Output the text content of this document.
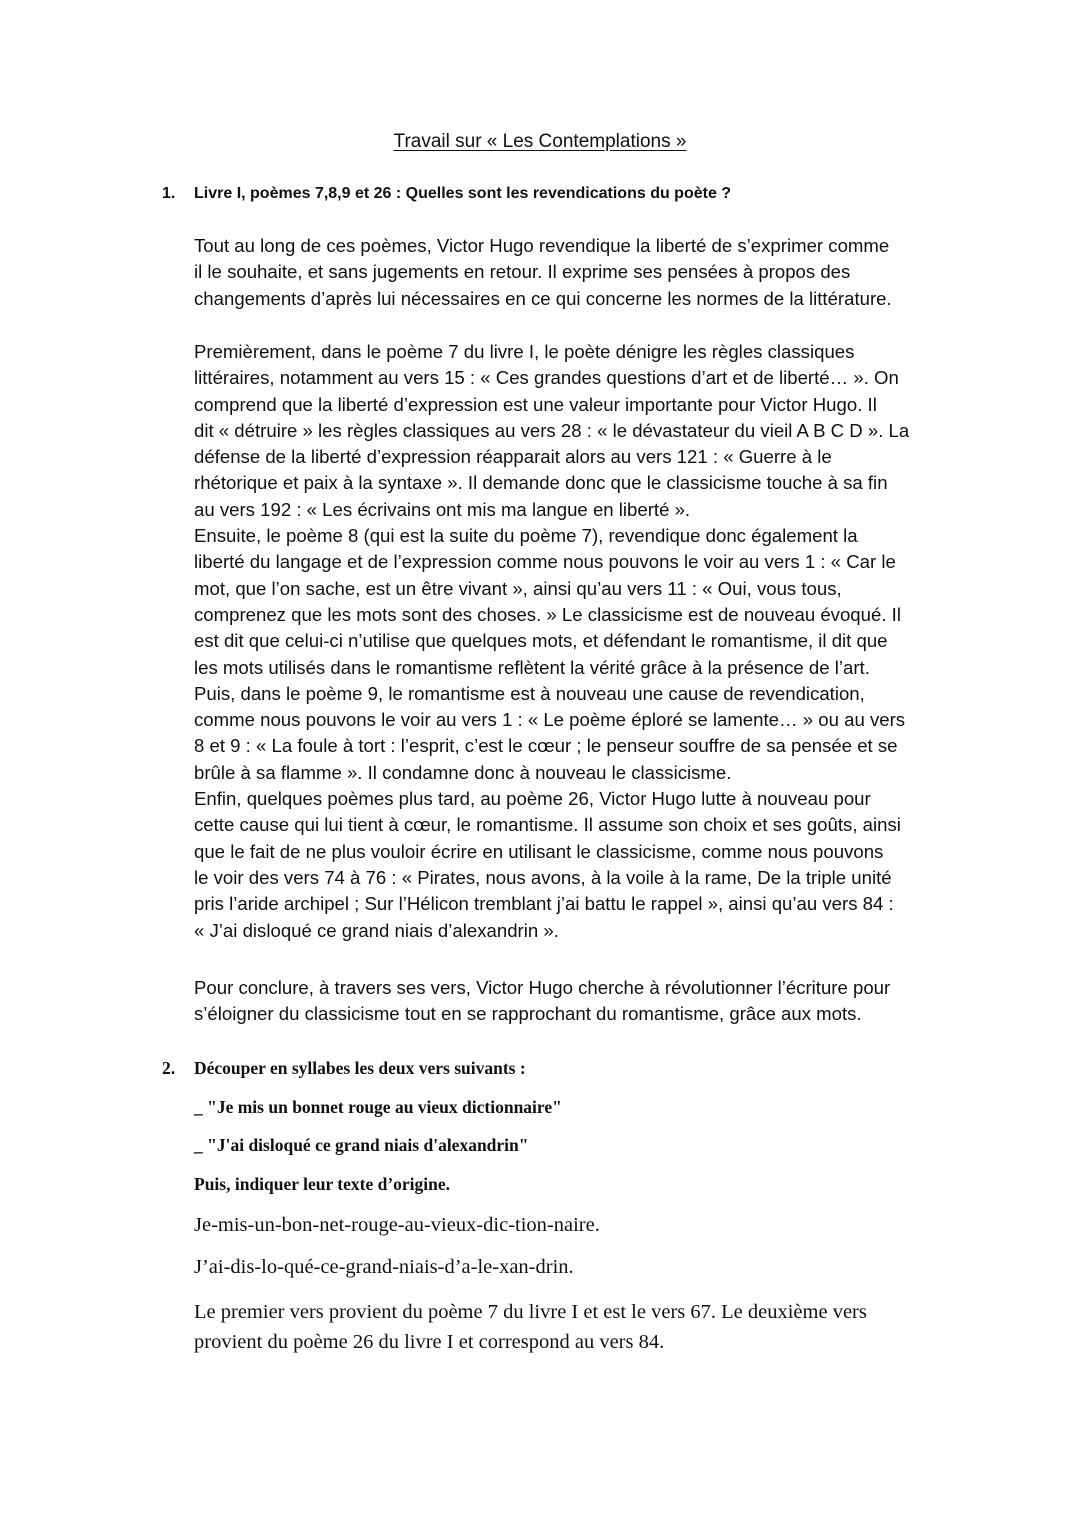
Travail sur « Les Contemplations »
1. Livre I, poèmes 7,8,9 et 26 : Quelles sont les revendications du poète ?

Tout au long de ces poèmes, Victor Hugo revendique la liberté de s’exprimer comme

il le souhaite, et sans jugements en retour. Il exprime ses pensées à propos des

changements d’après lui nécessaires en ce qui concerne les normes de la littérature.

Premièrement, dans le poème 7 du livre I, le poète dénigre les règles classiques

littéraires, notamment au vers 15 : « Ces grandes questions d’art et de liberté… ». On

comprend que la liberté d’expression est une valeur importante pour Victor Hugo. Il

dit « détruire » les règles classiques au vers 28 : « le dévastateur du vieil A B C D ». La

défense de la liberté d’expression réapparait alors au vers 121 : « Guerre à le

rhétorique et paix à la syntaxe ». Il demande donc que le classicisme touche à sa fin

au vers 192 : « Les écrivains ont mis ma langue en liberté ».

Ensuite, le poème 8 (qui est la suite du poème 7), revendique donc également la

liberté du langage et de l’expression comme nous pouvons le voir au vers 1 : « Car le

mot, que l’on sache, est un être vivant », ainsi qu’au vers 11 : « Oui, vous tous,

comprenez que les mots sont des choses. » Le classicisme est de nouveau évoqué. Il

est dit que celui-ci n’utilise que quelques mots, et défendant le romantisme, il dit que

les mots utilisés dans le romantisme reflètent la vérité grâce à la présence de l’art.

Puis, dans le poème 9, le romantisme est à nouveau une cause de revendication,

comme nous pouvons le voir au vers 1 : « Le poème éploré se lamente… » ou au vers

8 et 9 : « La foule à tort : l’esprit, c’est le cœur ; le penseur souffre de sa pensée et se

brûle à sa flamme ». Il condamne donc à nouveau le classicisme.

Enfin, quelques poèmes plus tard, au poème 26, Victor Hugo lutte à nouveau pour

cette cause qui lui tient à cœur, le romantisme. Il assume son choix et ses goûts, ainsi

que le fait de ne plus vouloir écrire en utilisant le classicisme, comme nous pouvons

le voir des vers 74 à 76 : « Pirates, nous avons, à la voile à la rame, De la triple unité

pris l’aride archipel ; Sur l’Hélicon tremblant j’ai battu le rappel », ainsi qu’au vers 84 :

« J’ai disloqué ce grand niais d’alexandrin ».

Pour conclure, à travers ses vers, Victor Hugo cherche à révolutionner l’écriture pour

s’éloigner du classicisme tout en se rapprochant du romantisme, grâce aux mots.

2. Découper en syllabes les deux vers suivants :
_ "Je mis un bonnet rouge au vieux dictionnaire"
_ "J'ai disloqué ce grand niais d'alexandrin"
Puis, indiquer leur texte d’origine.
Je-mis-un-bon-net-rouge-au-vieux-dic-tion-naire.
J’ai-dis-lo-qué-ce-grand-niais-d’a-le-xan-drin.
Le premier vers provient du poème 7 du livre I et est le vers 67. Le deuxième vers
provient du poème 26 du livre I et correspond au vers 84.
